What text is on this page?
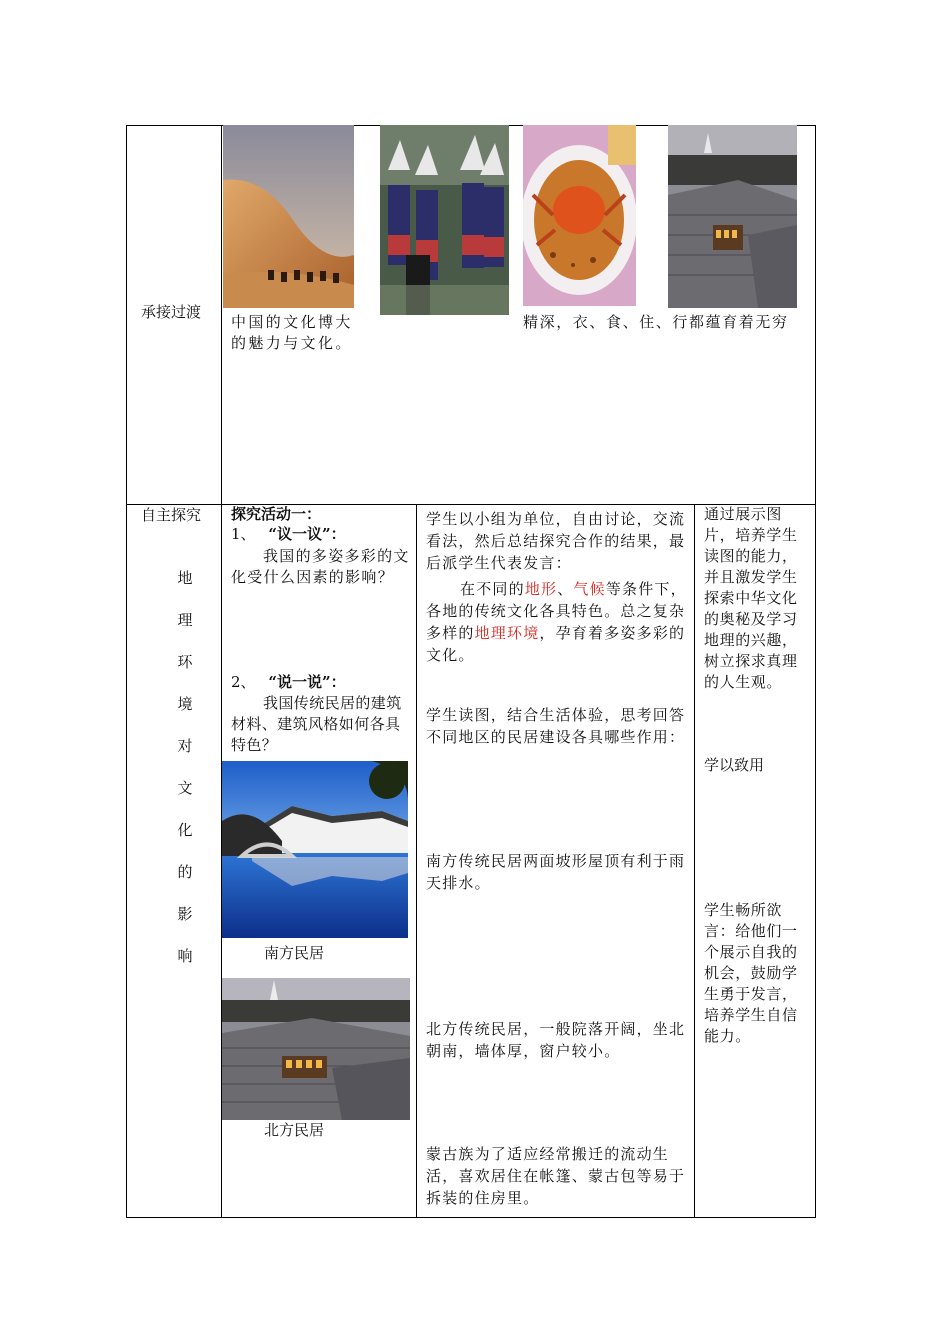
承接过渡
中国的文化博大的魅力与文化。
精深，衣、食、住、行都蕴育着无穷
自主探究
地
理
环
境
对
文
化
的
影
响
探究活动一：
1、 “议一议”：
我国的多姿多彩的文化受什么因素的影响？
2、 “说一说”：
我国传统民居的建筑材料、建筑风格如何各具特色？
南方民居
北方民居
学生以小组为单位，自由讨论，交流看法，然后总结探究合作的结果，最后派学生代表发言：
在不同的地形、气候等条件下，各地的传统文化各具特色。总之复杂多样的地理环境，孕育着多姿多彩的文化。
学生读图，结合生活体验，思考回答不同地区的民居建设各具哪些作用：
南方传统民居两面坡形屋顶有利于雨天排水。
北方传统民居，一般院落开阔，坐北朝南，墙体厚，窗户较小。
蒙古族为了适应经常搬迁的流动生活，喜欢居住在帐篷、蒙古包等易于拆装的住房里。
通过展示图片，培养学生读图的能力，并且激发学生探索中华文化的奥秘及学习地理的兴趣，树立探求真理的人生观。
学以致用
学生畅所欲言：给他们一个展示自我的机会，鼓励学生勇于发言，培养学生自信能力。
